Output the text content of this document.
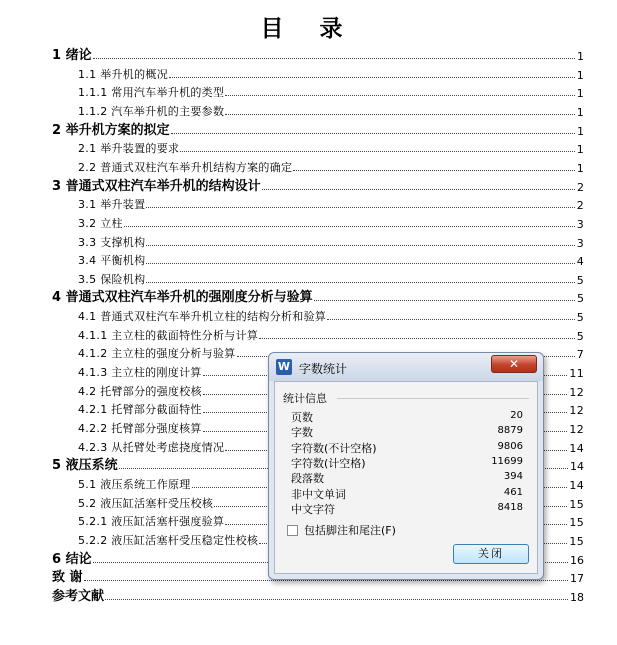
目 录
1 绪论	1
1.1 举升机的概况	1
1.1.1 常用汽车举升机的类型	1
1.1.2 汽车举升机的主要参数	1
2 举升机方案的拟定	1
2.1 举升装置的要求	1
2.2 普通式双柱汽车举升机结构方案的确定	1
3 普通式双柱汽车举升机的结构设计	2
3.1 举升装置	2
3.2 立柱	3
3.3 支撑机构	3
3.4 平衡机构	4
3.5 保险机构	5
4 普通式双柱汽车举升机的强刚度分析与验算	5
4.1 普通式双柱汽车举升机立柱的结构分析和验算	5
4.1.1 主立柱的截面特性分析与计算	5
4.1.2 主立柱的强度分析与验算	7
4.1.3 主立柱的刚度计算	11
4.2 托臂部分的强度校核	12
4.2.1 托臂部分截面特性	12
4.2.2 托臂部分强度核算	12
4.2.3 从托臂处考虑挠度情况	14
5 液压系统	14
5.1 液压系统工作原理	14
5.2 液压缸活塞杆受压校核	15
5.2.1 液压缸活塞杆强度验算	15
5.2.2 液压缸活塞杆受压稳定性校核	15
6 结论	16
致 谢	17
参考文献	18
W 字数统计	✕
统计信息
页数	20
字数	8879
字符数(不计空格)	9806
字符数(计空格)	11699
段落数	394
非中文单词	461
中文字符	8418
包括脚注和尾注(F)
关闭
